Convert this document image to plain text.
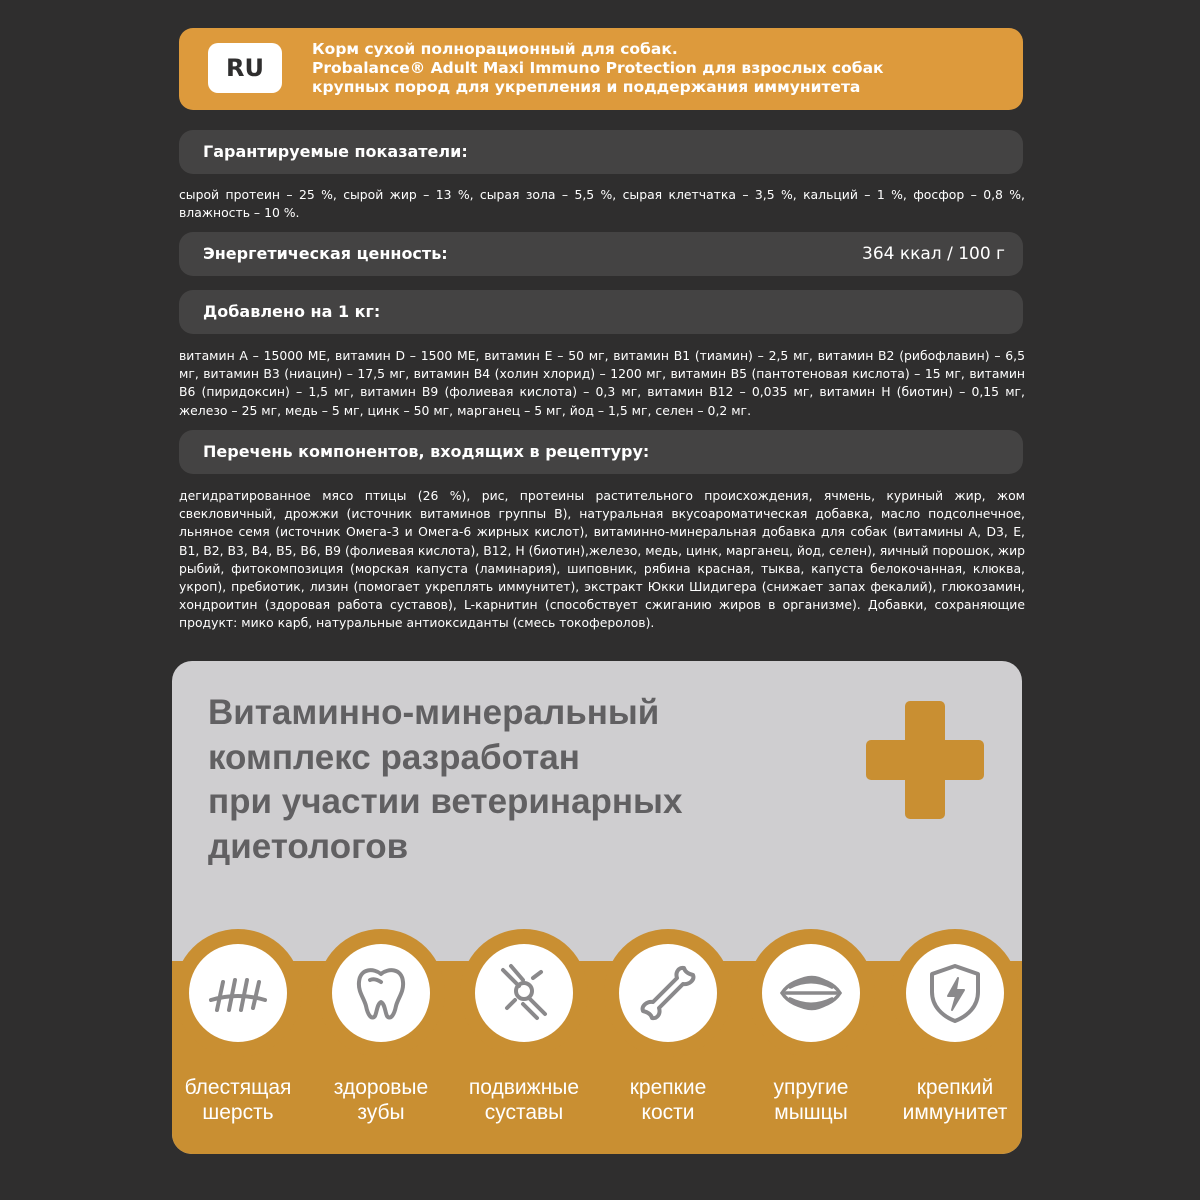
RU
Корм сухой полнорационный для собак.
Probalance® Adult Maxi Immuno Protection для взрослых собак
крупных пород для укрепления и поддержания иммунитета
Гарантируемые показатели:
сырой протеин – 25 %, сырой жир – 13 %, сырая зола – 5,5 %, сырая клетчатка – 3,5 %, кальций – 1 %, фосфор – 0,8 %, влажность – 10 %.
Энергетическая ценность:	364 ккал / 100 г
Добавлено на 1 кг:
витамин А – 15000 МЕ, витамин D – 1500 МЕ, витамин Е – 50 мг, витамин В1 (тиамин) – 2,5 мг, витамин В2 (рибофлавин) – 6,5 мг, витамин В3 (ниацин) – 17,5 мг, витамин В4 (холин хлорид) – 1200 мг, витамин В5 (пантотеновая кислота) – 15 мг, витамин В6 (пиридоксин) – 1,5 мг, витамин В9 (фолиевая кислота) – 0,3 мг, витамин В12 – 0,035 мг, витамин Н (биотин) – 0,15 мг, железо – 25 мг, медь – 5 мг, цинк – 50 мг, марганец – 5 мг, йод – 1,5 мг, селен – 0,2 мг.
Перечень компонентов, входящих в рецептуру:
дегидратированное мясо птицы (26 %), рис, протеины растительного происхождения, ячмень, куриный жир, жом свекловичный, дрожжи (источник витаминов группы В), натуральная вкусоароматическая добавка, масло подсолнечное, льняное семя (источник Омега-3 и Омега-6 жирных кислот), витаминно-минеральная добавка для собак (витамины А, D3, Е, В1, В2, В3, В4, В5, В6, В9 (фолиевая кислота), В12, Н (биотин),железо, медь, цинк, марганец, йод, селен), яичный порошок, жир рыбий, фитокомпозиция (морская капуста (ламинария), шиповник, рябина красная, тыква, капуста белокочанная, клюква, укроп), пребиотик, лизин (помогает укреплять иммунитет), экстракт Юкки Шидигера (снижает запах фекалий), глюкозамин, хондроитин (здоровая работа суставов), L-карнитин (способствует сжиганию жиров в организме). Добавки, сохраняющие продукт: мико карб, натуральные антиоксиданты (смесь токоферолов).
Витаминно-минеральный
комплекс разработан
при участии ветеринарных
диетологов
блестящая
шерсть
здоровые
зубы
подвижные
суставы
крепкие
кости
упругие
мышцы
крепкий
иммунитет
